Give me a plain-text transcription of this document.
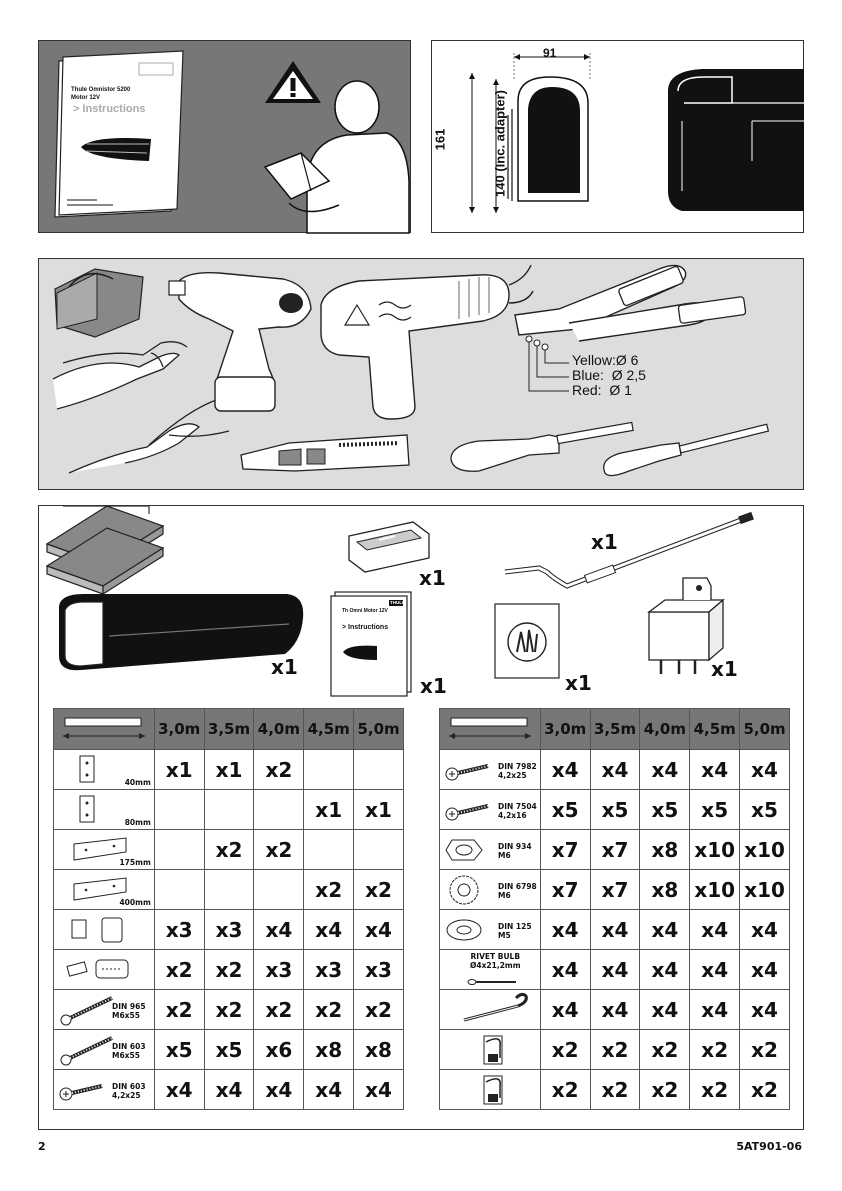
Thule Omnistor 5200
Motor 12V
> Instructions
91
161	140 (Inc. adapter)
Yellow:Ø 6
Blue:  Ø 2,5
Red:  Ø 1
x1
x1
x1
x1
x1
x1
Th Omni Motor 12V
THULE
> Instructions
	3,0m	3,5m	4,0m	4,5m	5,0m

40mm	x1	x1	x2		

80mm				x1	x1

175mm		x2	x2		

400mm				x2	x2

	x3	x3	x4	x4	x4

	x2	x2	x3	x3	x3

DIN 965
M6x55	x2	x2	x2	x2	x2

DIN 603
M6x55	x5	x5	x6	x8	x8

DIN 603
4,2x25	x4	x4	x4	x4	x4
	3,0m	3,5m	4,0m	4,5m	5,0m

DIN 7982
4,2x25	x4	x4	x4	x4	x4

DIN 7504
4,2x16	x5	x5	x5	x5	x5

DIN 934
M6	x7	x7	x8	x10	x10

DIN 6798
M6	x7	x7	x8	x10	x10

DIN 125
M5	x4	x4	x4	x4	x4

RIVET BULB
Ø4x21,2mm	x4	x4	x4	x4	x4

	x4	x4	x4	x4	x4

	x2	x2	x2	x2	x2

	x2	x2	x2	x2	x2
2	5AT901-06
